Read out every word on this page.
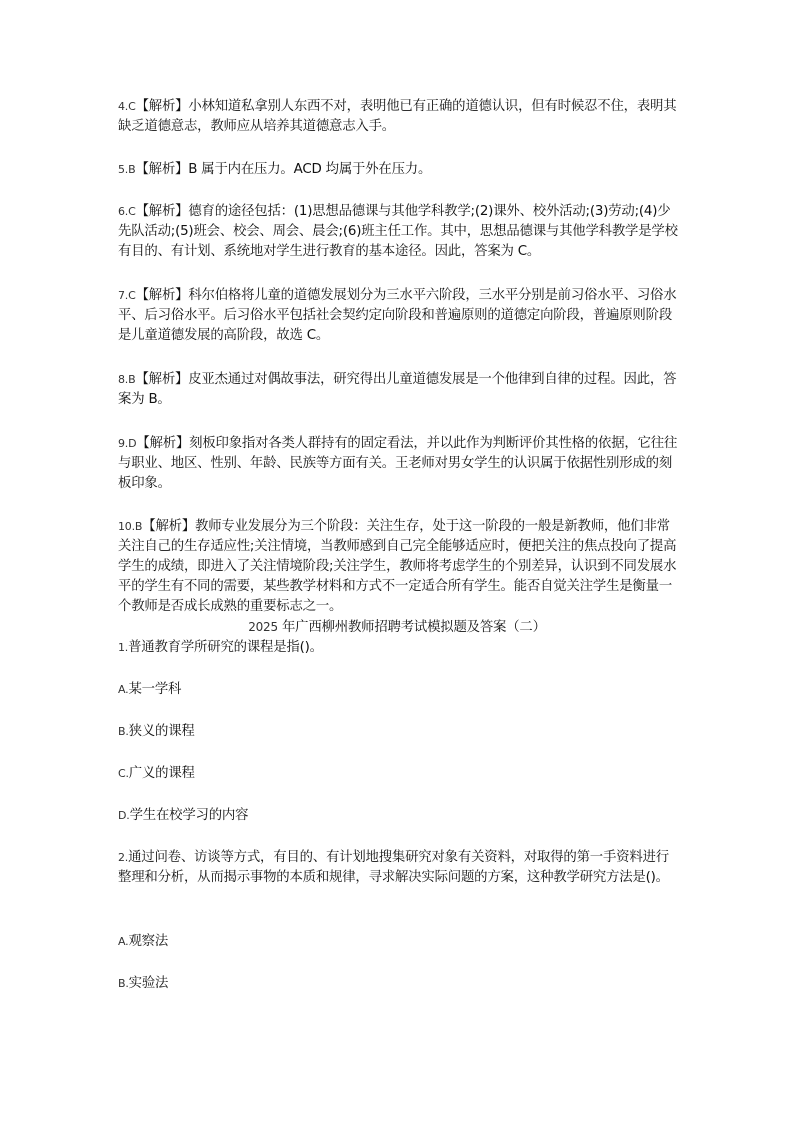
4.C【解析】小林知道私拿别人东西不对，表明他已有正确的道德认识，但有时候忍不住，表明其缺乏道德意志，教师应从培养其道德意志入手。

5.B【解析】B 属于内在压力。ACD 均属于外在压力。

6.C【解析】德育的途径包括：(1)思想品德课与其他学科教学;(2)课外、校外活动;(3)劳动;(4)少先队活动;(5)班会、校会、周会、晨会;(6)班主任工作。其中，思想品德课与其他学科教学是学校有目的、有计划、系统地对学生进行教育的基本途径。因此，答案为 C。

7.C【解析】科尔伯格将儿童的道德发展划分为三水平六阶段，三水平分别是前习俗水平、习俗水平、后习俗水平。后习俗水平包括社会契约定向阶段和普遍原则的道德定向阶段，普遍原则阶段是儿童道德发展的高阶段，故选 C。

8.B【解析】皮亚杰通过对偶故事法，研究得出儿童道德发展是一个他律到自律的过程。因此，答案为 B。

9.D【解析】刻板印象指对各类人群持有的固定看法，并以此作为判断评价其性格的依据，它往往与职业、地区、性别、年龄、民族等方面有关。王老师对男女学生的认识属于依据性别形成的刻板印象。

10.B【解析】教师专业发展分为三个阶段：关注生存，处于这一阶段的一般是新教师，他们非常关注自己的生存适应性;关注情境，当教师感到自己完全能够适应时，便把关注的焦点投向了提高学生的成绩，即进入了关注情境阶段;关注学生，教师将考虑学生的个别差异，认识到不同发展水平的学生有不同的需要，某些教学材料和方式不一定适合所有学生。能否自觉关注学生是衡量一个教师是否成长成熟的重要标志之一。

2025 年广西柳州教师招聘考试模拟题及答案（二）

1.普通教育学所研究的课程是指()。

A.某一学科

B.狭义的课程

C.广义的课程

D.学生在校学习的内容

2.通过问卷、访谈等方式，有目的、有计划地搜集研究对象有关资料，对取得的第一手资料进行整理和分析，从而揭示事物的本质和规律，寻求解决实际问题的方案，这种教学研究方法是()。

A.观察法

B.实验法
